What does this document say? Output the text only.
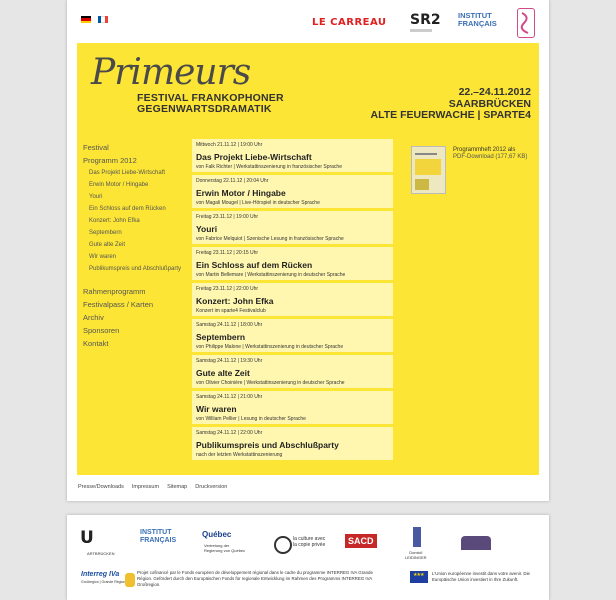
LE CARREAU SR2 INSTITUT
FRANÇAIS
Primeurs
FESTIVAL FRANKOPHONER
GEGENWARTSDRAMATIK
22.–24.11.2012
SAARBRÜCKEN
ALTE FEUERWACHE | SPARTE4
Festival
Programm 2012
Das Projekt Liebe-Wirtschaft
Erwin Motor / Hingabe
Youri
Ein Schloss auf dem Rücken
Konzert: John Efka
Septembern
Gute alte Zeit
Wir waren
Publikumspreis und Abschlußparty
Rahmenprogramm
Festivalpass / Karten
Archiv
Sponsoren
Kontakt
Mittwoch 21.11.12 | 19:00 Uhr
Das Projekt Liebe-Wirtschaft
von Falk Richter | Werkstattinszenierung in französischer Sprache
Donnerstag 22.11.12 | 20:04 Uhr
Erwin Motor / Hingabe
von Magali Mougel | Live-Hörspiel in deutscher Sprache
Freitag 23.11.12 | 19:00 Uhr
Youri
von Fabrice Melquiot | Szenische Lesung in französischer Sprache
Freitag 23.11.12 | 20:15 Uhr
Ein Schloss auf dem Rücken
von Martin Bellemare | Werkstattinszenierung in deutscher Sprache
Freitag 23.11.12 | 22:00 Uhr
Konzert: John Efka
Konzert im sparte4 Festivalclub
Samstag 24.11.12 | 18:00 Uhr
Septembern
von Philippe Malone | Werkstattinszenierung in deutscher Sprache
Samstag 24.11.12 | 19:30 Uhr
Gute alte Zeit
von Olivier Choinière | Werkstattinszenierung in deutscher Sprache
Samstag 24.11.12 | 21:00 Uhr
Wir waren
von William Pellier | Lesung in deutscher Sprache
Samstag 24.11.12 | 22:00 Uhr
Publikumspreis und Abschlußparty
nach der letzten Werkstattinszenierung
Programmheft 2012 als
PDF-Download (177,67 KB)
Presse/Downloads Impressum Sitemap Druckversion
U
ARTBRÜCKEN
INSTITUT
FRANÇAIS
Québec
Vertretung der
Regierung von Québec
la culture avec
la copie privée	SACD
Domicil
LEIDINGER
Interreg IVa
Großregion | Grande Région
Projet cofinancé par le Fonds européen de développement régional dans le cadre du programme INTERREG IVA Grande Région. Gefördert durch den Europäischen Fonds für regionale Entwicklung im Rahmen des Programms INTERREG IVA Großregion.
★★★ L'Union européenne investit dans votre avenir. Die Europäische Union investiert in Ihre Zukunft.
